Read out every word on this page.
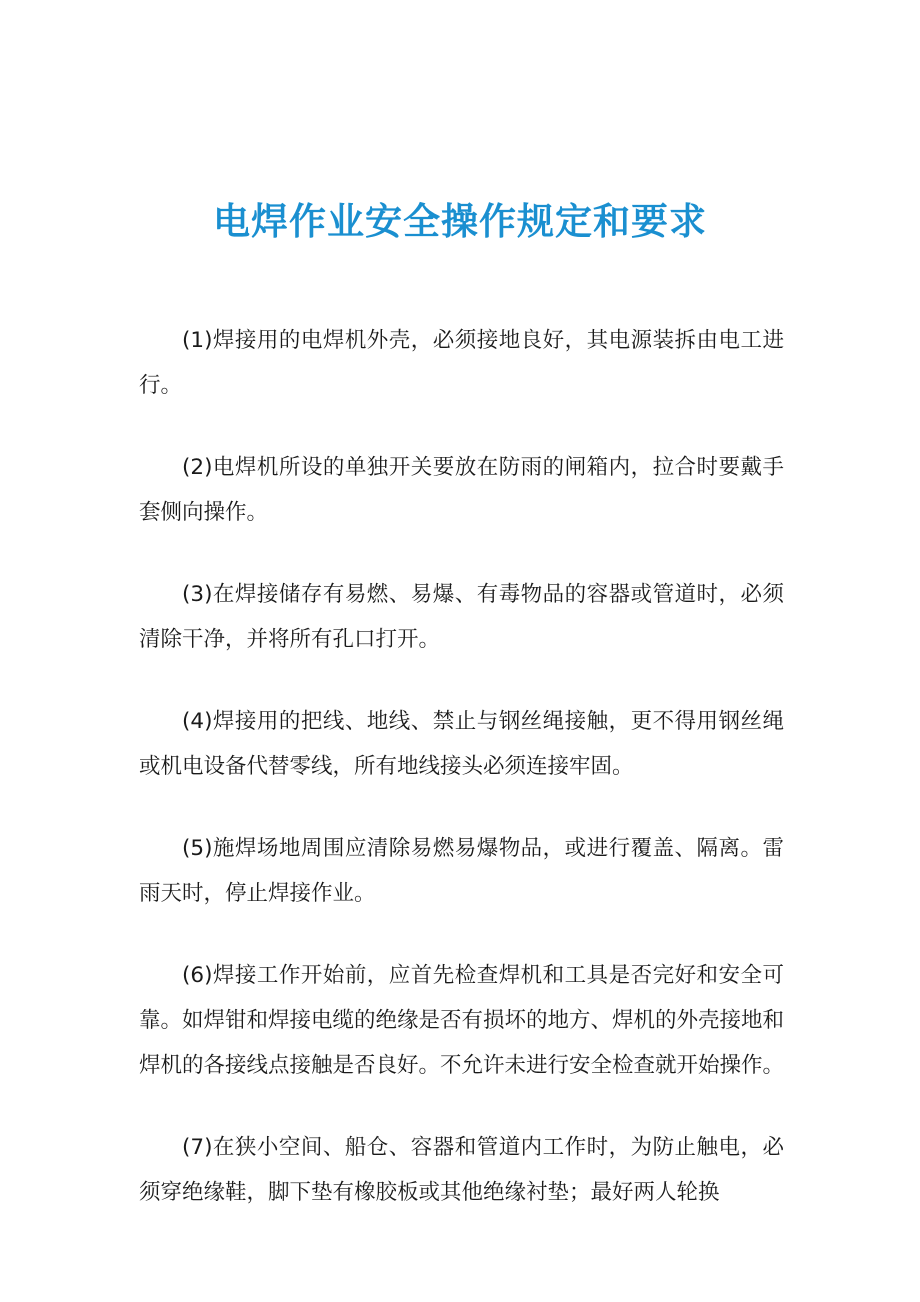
电焊作业安全操作规定和要求

(1)焊接用的电焊机外壳，必须接地良好，其电源装拆由电工进行。

(2)电焊机所设的单独开关要放在防雨的闸箱内，拉合时要戴手套侧向操作。

(3)在焊接储存有易燃、易爆、有毒物品的容器或管道时，必须清除干净，并将所有孔口打开。

(4)焊接用的把线、地线、禁止与钢丝绳接触，更不得用钢丝绳或机电设备代替零线，所有地线接头必须连接牢固。

(5)施焊场地周围应清除易燃易爆物品，或进行覆盖、隔离。雷雨天时，停止焊接作业。

(6)焊接工作开始前，应首先检查焊机和工具是否完好和安全可靠。如焊钳和焊接电缆的绝缘是否有损坏的地方、焊机的外壳接地和焊机的各接线点接触是否良好。不允许未进行安全检查就开始操作。

(7)在狭小空间、船仓、容器和管道内工作时，为防止触电，必须穿绝缘鞋，脚下垫有橡胶板或其他绝缘衬垫；最好两人轮换
